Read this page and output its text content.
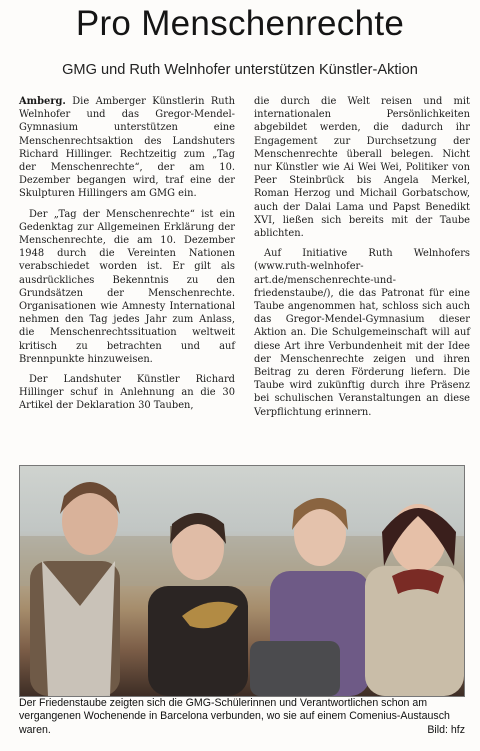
Pro Menschenrechte
GMG und Ruth Welnhofer unterstützen Künstler-Aktion

Amberg. Die Amberger Künstlerin Ruth Welnhofer und das Gregor-Mendel-Gymnasium unterstützen eine Menschenrechtsaktion des Landshuters Richard Hillinger. Rechtzeitig zum „Tag der Menschenrechte“, der am 10. Dezember begangen wird, traf eine der Skulpturen Hillingers am GMG ein.

Der „Tag der Menschenrechte“ ist ein Gedenktag zur Allgemeinen Erklärung der Menschenrechte, die am 10. Dezember 1948 durch die Vereinten Nationen verabschiedet worden ist. Er gilt als ausdrückliches Bekenntnis zu den Grundsätzen der Menschenrechte. Organisationen wie Amnesty International nehmen den Tag jedes Jahr zum Anlass, die Menschenrechtssituation weltweit kritisch zu betrachten und auf Brennpunkte hinzuweisen.

Der Landshuter Künstler Richard Hillinger schuf in Anlehnung an die 30 Artikel der Deklaration 30 Tauben,

die durch die Welt reisen und mit internationalen Persönlichkeiten abgebildet werden, die dadurch ihr Engagement zur Durchsetzung der Menschenrechte überall belegen. Nicht nur Künstler wie Ai Wei Wei, Politiker von Peer Steinbrück bis Angela Merkel, Roman Herzog und Michail Gorbatschow, auch der Dalai Lama und Papst Benedikt XVI, ließen sich bereits mit der Taube ablichten.

Auf Initiative Ruth Welnhofers (www.ruth-welnhofer-art.de/menschenrechte-und-friedenstaube/), die das Patronat für eine Taube angenommen hat, schloss sich auch das Gregor-Mendel-Gymnasium dieser Aktion an. Die Schulgemeinschaft will auf diese Art ihre Verbundenheit mit der Idee der Menschenrechte zeigen und ihren Beitrag zu deren Förderung liefern. Die Taube wird zukünftig durch ihre Präsenz bei schulischen Veranstaltungen an diese Verpflichtung erinnern.

Der Friedenstaube zeigten sich die GMG-Schülerinnen und Verantwortlichen schon am vergangenen Wochenende in Barcelona verbunden, wo sie auf einem Comenius-Austausch waren.	Bild: hfz
